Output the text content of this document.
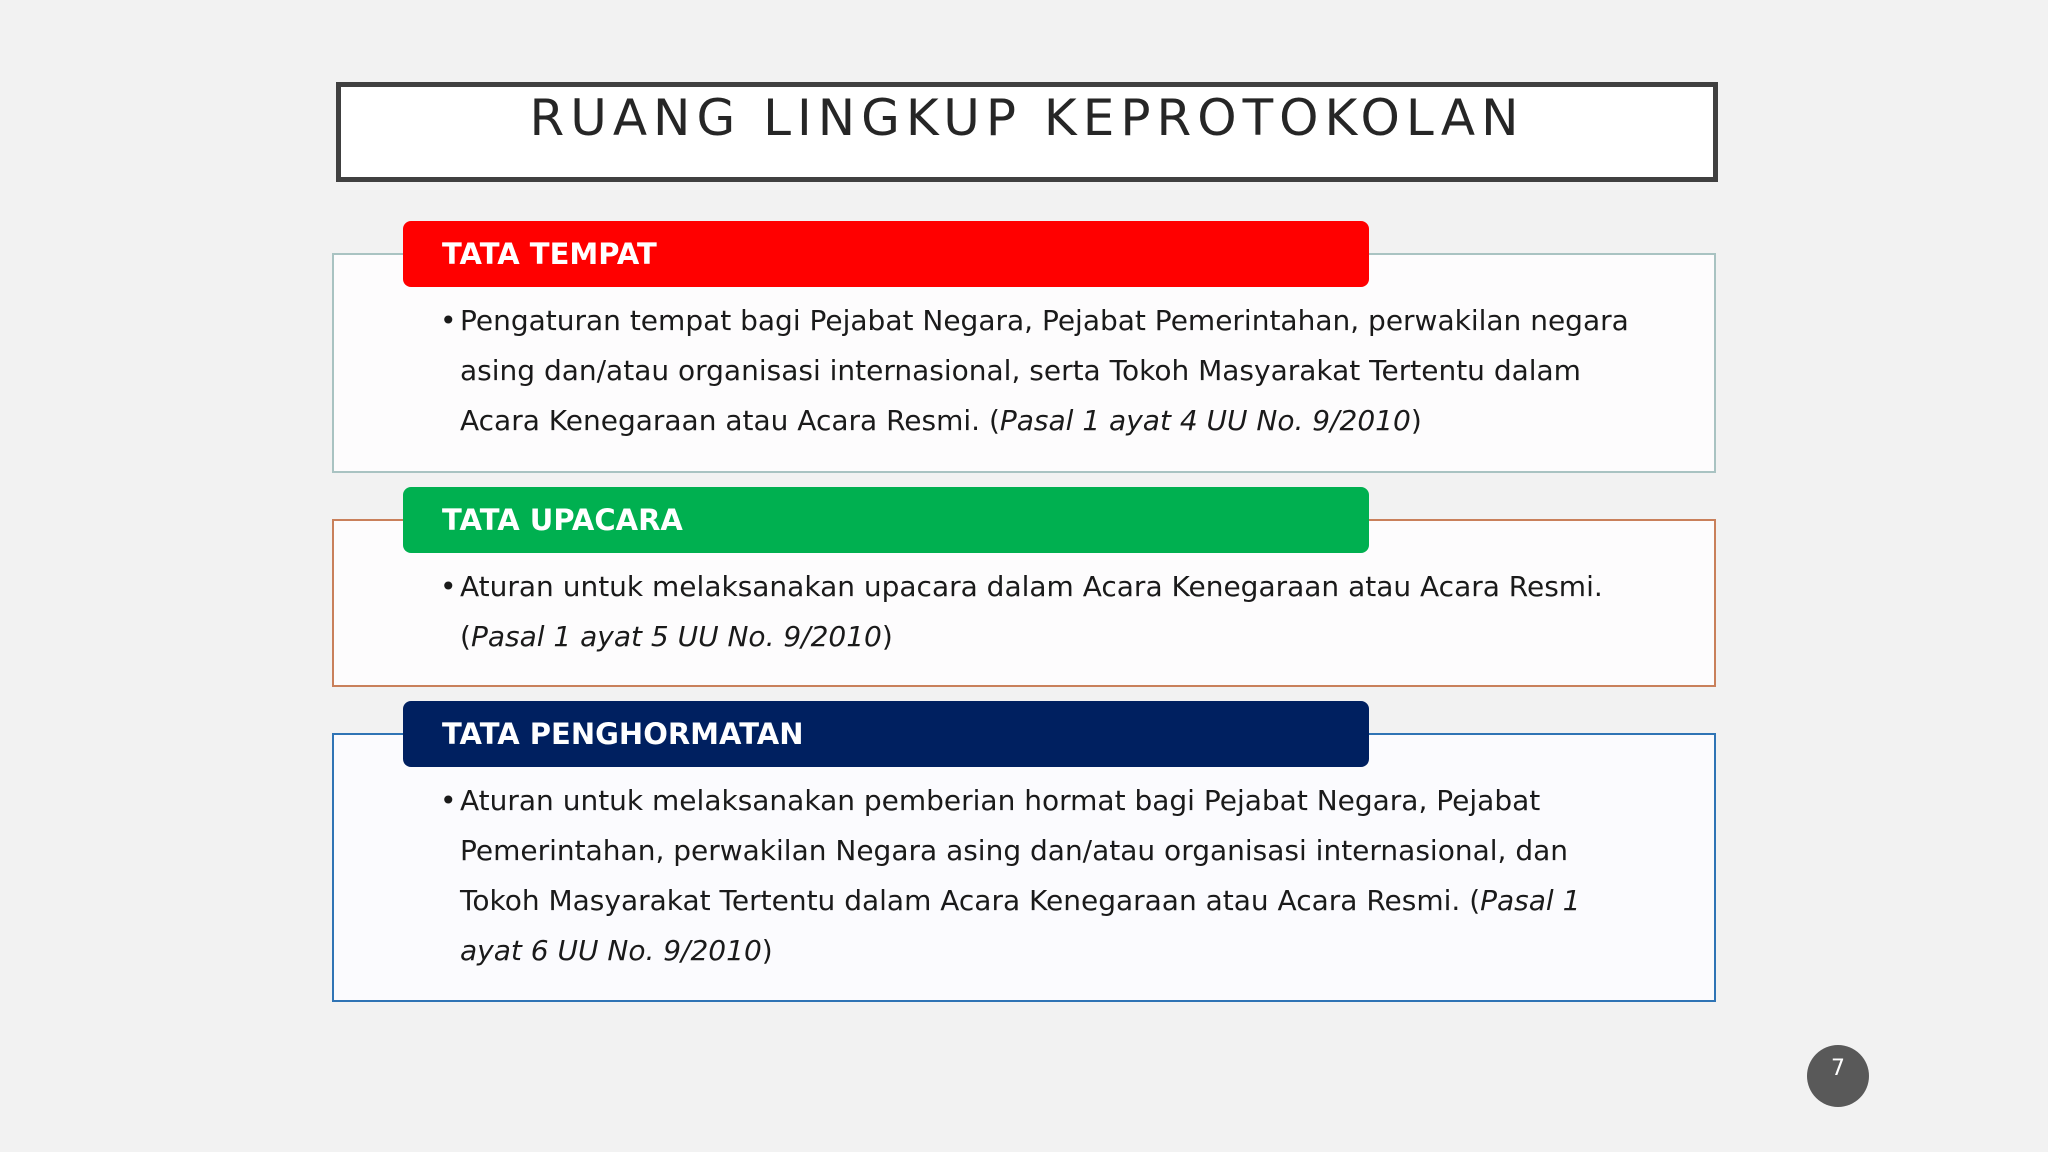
RUANG LINGKUP KEPROTOKOLAN
TATA TEMPAT
• Pengaturan tempat bagi Pejabat Negara, Pejabat Pemerintahan, perwakilan negara asing dan/atau organisasi internasional, serta Tokoh Masyarakat Tertentu dalam Acara Kenegaraan atau Acara Resmi. (Pasal 1 ayat 4 UU No. 9/2010)
TATA UPACARA
• Aturan untuk melaksanakan upacara dalam Acara Kenegaraan atau Acara Resmi. (Pasal 1 ayat 5 UU No. 9/2010)
TATA PENGHORMATAN
• Aturan untuk melaksanakan pemberian hormat bagi Pejabat Negara, Pejabat Pemerintahan, perwakilan Negara asing dan/atau organisasi internasional, dan Tokoh Masyarakat Tertentu dalam Acara Kenegaraan atau Acara Resmi. (Pasal 1 ayat 6 UU No. 9/2010)
7
